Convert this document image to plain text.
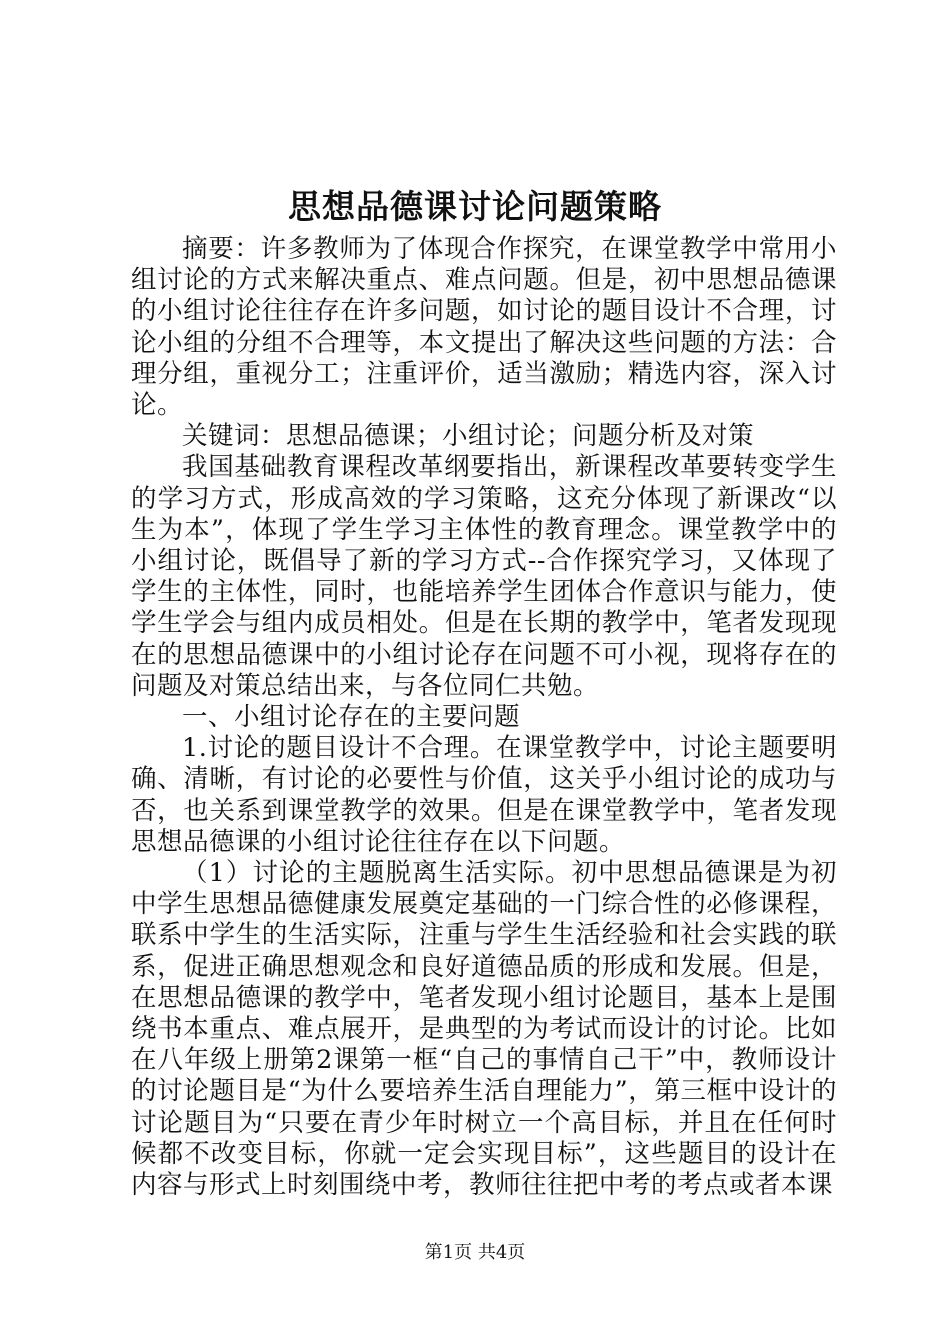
思想品德课讨论问题策略

摘要：许多教师为了体现合作探究，在课堂教学中常用小组讨论的方式来解决重点、难点问题。但是，初中思想品德课的小组讨论往往存在许多问题，如讨论的题目设计不合理，讨论小组的分组不合理等，本文提出了解决这些问题的方法：合理分组，重视分工；注重评价，适当激励；精选内容，深入讨论。

关键词：思想品德课；小组讨论；问题分析及对策

我国基础教育课程改革纲要指出，新课程改革要转变学生的学习方式，形成高效的学习策略，这充分体现了新课改“以生为本”，体现了学生学习主体性的教育理念。课堂教学中的小组讨论，既倡导了新的学习方式--合作探究学习，又体现了学生的主体性，同时，也能培养学生团体合作意识与能力，使学生学会与组内成员相处。但是在长期的教学中，笔者发现现在的思想品德课中的小组讨论存在问题不可小视，现将存在的问题及对策总结出来，与各位同仁共勉。

一、小组讨论存在的主要问题

1.讨论的题目设计不合理。在课堂教学中，讨论主题要明确、清晰，有讨论的必要性与价值，这关乎小组讨论的成功与否，也关系到课堂教学的效果。但是在课堂教学中，笔者发现思想品德课的小组讨论往往存在以下问题。

（1）讨论的主题脱离生活实际。初中思想品德课是为初中学生思想品德健康发展奠定基础的一门综合性的必修课程，联系中学生的生活实际，注重与学生生活经验和社会实践的联系，促进正确思想观念和良好道德品质的形成和发展。但是，在思想品德课的教学中，笔者发现小组讨论题目，基本上是围绕书本重点、难点展开，是典型的为考试而设计的讨论。比如在八年级上册第2课第一框“自己的事情自己干”中，教师设计的讨论题目是“为什么要培养生活自理能力”，第三框中设计的讨论题目为“只要在青少年时树立一个高目标，并且在任何时候都不改变目标，你就一定会实现目标”，这些题目的设计在内容与形式上时刻围绕中考，教师往往把中考的考点或者本课

第1页 共4页
